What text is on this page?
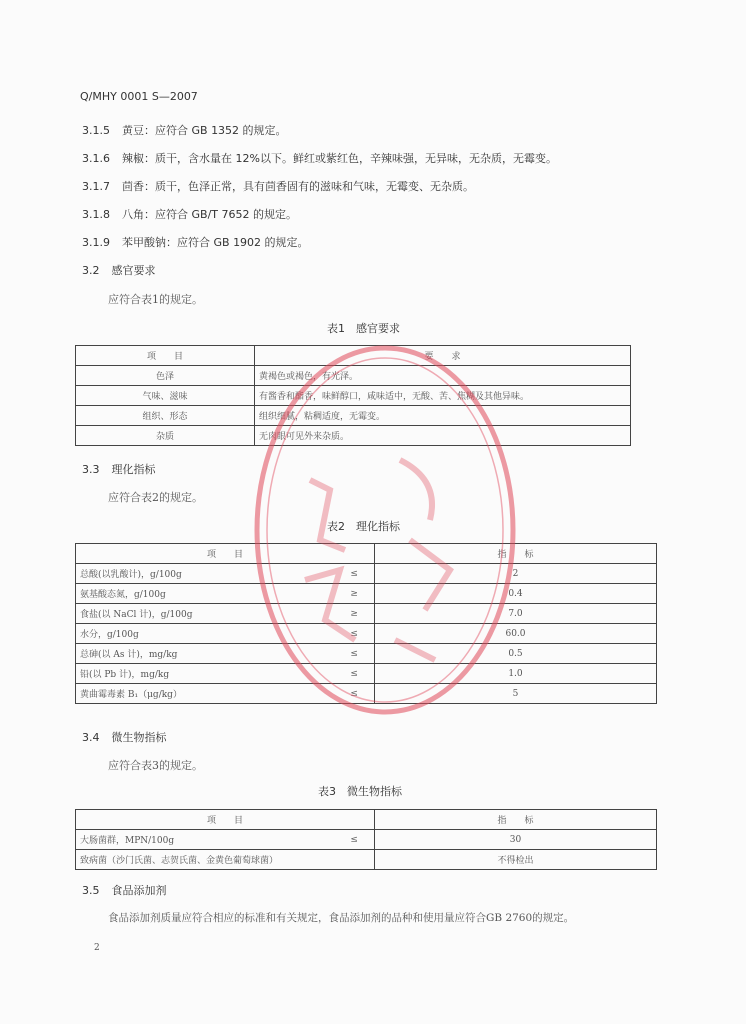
Q/MHY 0001 S—2007
3.1.5 黄豆：应符合 GB 1352 的规定。
3.1.6 辣椒：质干，含水量在 12%以下。鲜红或紫红色，辛辣味强，无异味，无杂质，无霉变。
3.1.7 茴香：质干，色泽正常，具有茴香固有的滋味和气味，无霉变、无杂质。
3.1.8 八角：应符合 GB/T 7652 的规定。
3.1.9 苯甲酸钠：应符合 GB 1902 的规定。
3.2 感官要求
应符合表1的规定。
表1　感官要求
项　　目	要　　求
色泽	黄褐色或褐色，有光泽。
气味、滋味	有酱香和酯香，味鲜醇口，咸味适中，无酸、苦、焦糊及其他异味。
组织、形态	组织细腻，粘稠适度，无霉变。
杂质	无肉眼可见外来杂质。
3.3 理化指标
应符合表2的规定。
表2　理化指标
项　　目		指　　标
总酸(以乳酸计)，g/100g	≤	2
氨基酸态氮，g/100g	≥	0.4
食盐(以 NaCl 计)，g/100g	≥	7.0
水分，g/100g	≤	60.0
总砷(以 As 计)，mg/kg	≤	0.5
铅(以 Pb 计)，mg/kg	≤	1.0
黄曲霉毒素 B₁（μg/kg）	≤	5
3.4 微生物指标
应符合表3的规定。
表3　微生物指标
项　　目		指　　标
大肠菌群，MPN/100g	≤	30
致病菌（沙门氏菌、志贺氏菌、金黄色葡萄球菌）		不得检出
3.5 食品添加剂
食品添加剂质量应符合相应的标准和有关规定，食品添加剂的品种和使用量应符合GB 2760的规定。
2
